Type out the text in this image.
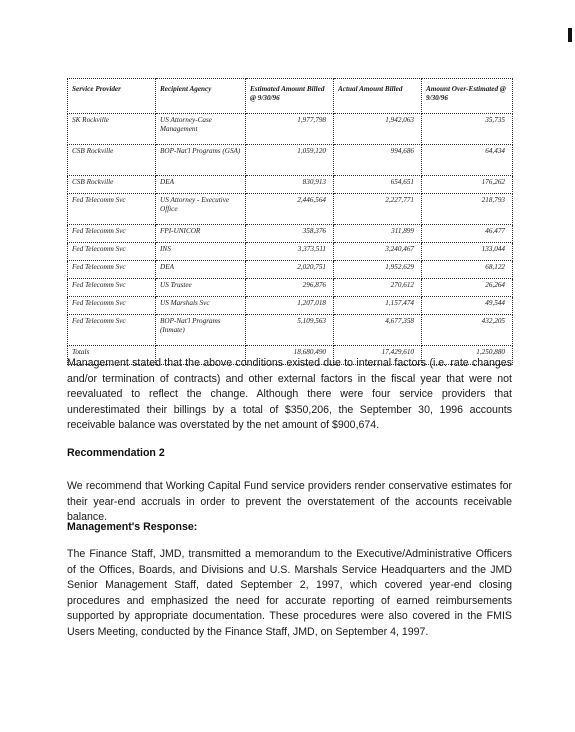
Service Provider	Recipient Agency	Estimated Amount Billed @ 9/30/96	Actual Amount Billed	Amount Over-Estimated @ 9/30/96
SK Rockville	US Attorney-Case Management	1,977,798	1,942,063	35,735
CSB Rockville	BOP-Nat'l Programs (GSA)	1,059,120	994,686	64,434
CSB Rockville	DEA	830,913	654,651	176,262
Fed Telecomm Svc	US Attorney - Executive Office	2,446,564	2,227,771	218,793
Fed Telecomm Svc	FPI-UNICOR	358,376	311,899	46,477
Fed Telecomm Svc	INS	3,373,511	3,240,467	133,044
Fed Telecomm Svc	DEA	2,020,751	1,952,629	68,122
Fed Telecomm Svc	US Trustee	296,876	270,612	26,264
Fed Telecomm Svc	US Marshals Svc	1,207,018	1,157,474	49,544
Fed Telecomm Svc	BOP-Nat'l Programs (Inmate)	5,109,563	4,677,358	432,205
Totals		18,680,490	17,429,610	1,250,880

Management stated that the above conditions existed due to internal factors (i.e. rate changes and/or termination of contracts) and other external factors in the fiscal year that were not reevaluated to reflect the change. Although there were four service providers that underestimated their billings by a total of $350,206, the September 30, 1996 accounts receivable balance was overstated by the net amount of $900,674.

Recommendation 2

We recommend that Working Capital Fund service providers render conservative estimates for their year-end accruals in order to prevent the overstatement of the accounts receivable balance.

Management's Response:

The Finance Staff, JMD, transmitted a memorandum to the Executive/Administrative Officers of the Offices, Boards, and Divisions and U.S. Marshals Service Headquarters and the JMD Senior Management Staff, dated September 2, 1997, which covered year-end closing procedures and emphasized the need for accurate reporting of earned reimbursements supported by appropriate documentation. These procedures were also covered in the FMIS Users Meeting, conducted by the Finance Staff, JMD, on September 4, 1997.
